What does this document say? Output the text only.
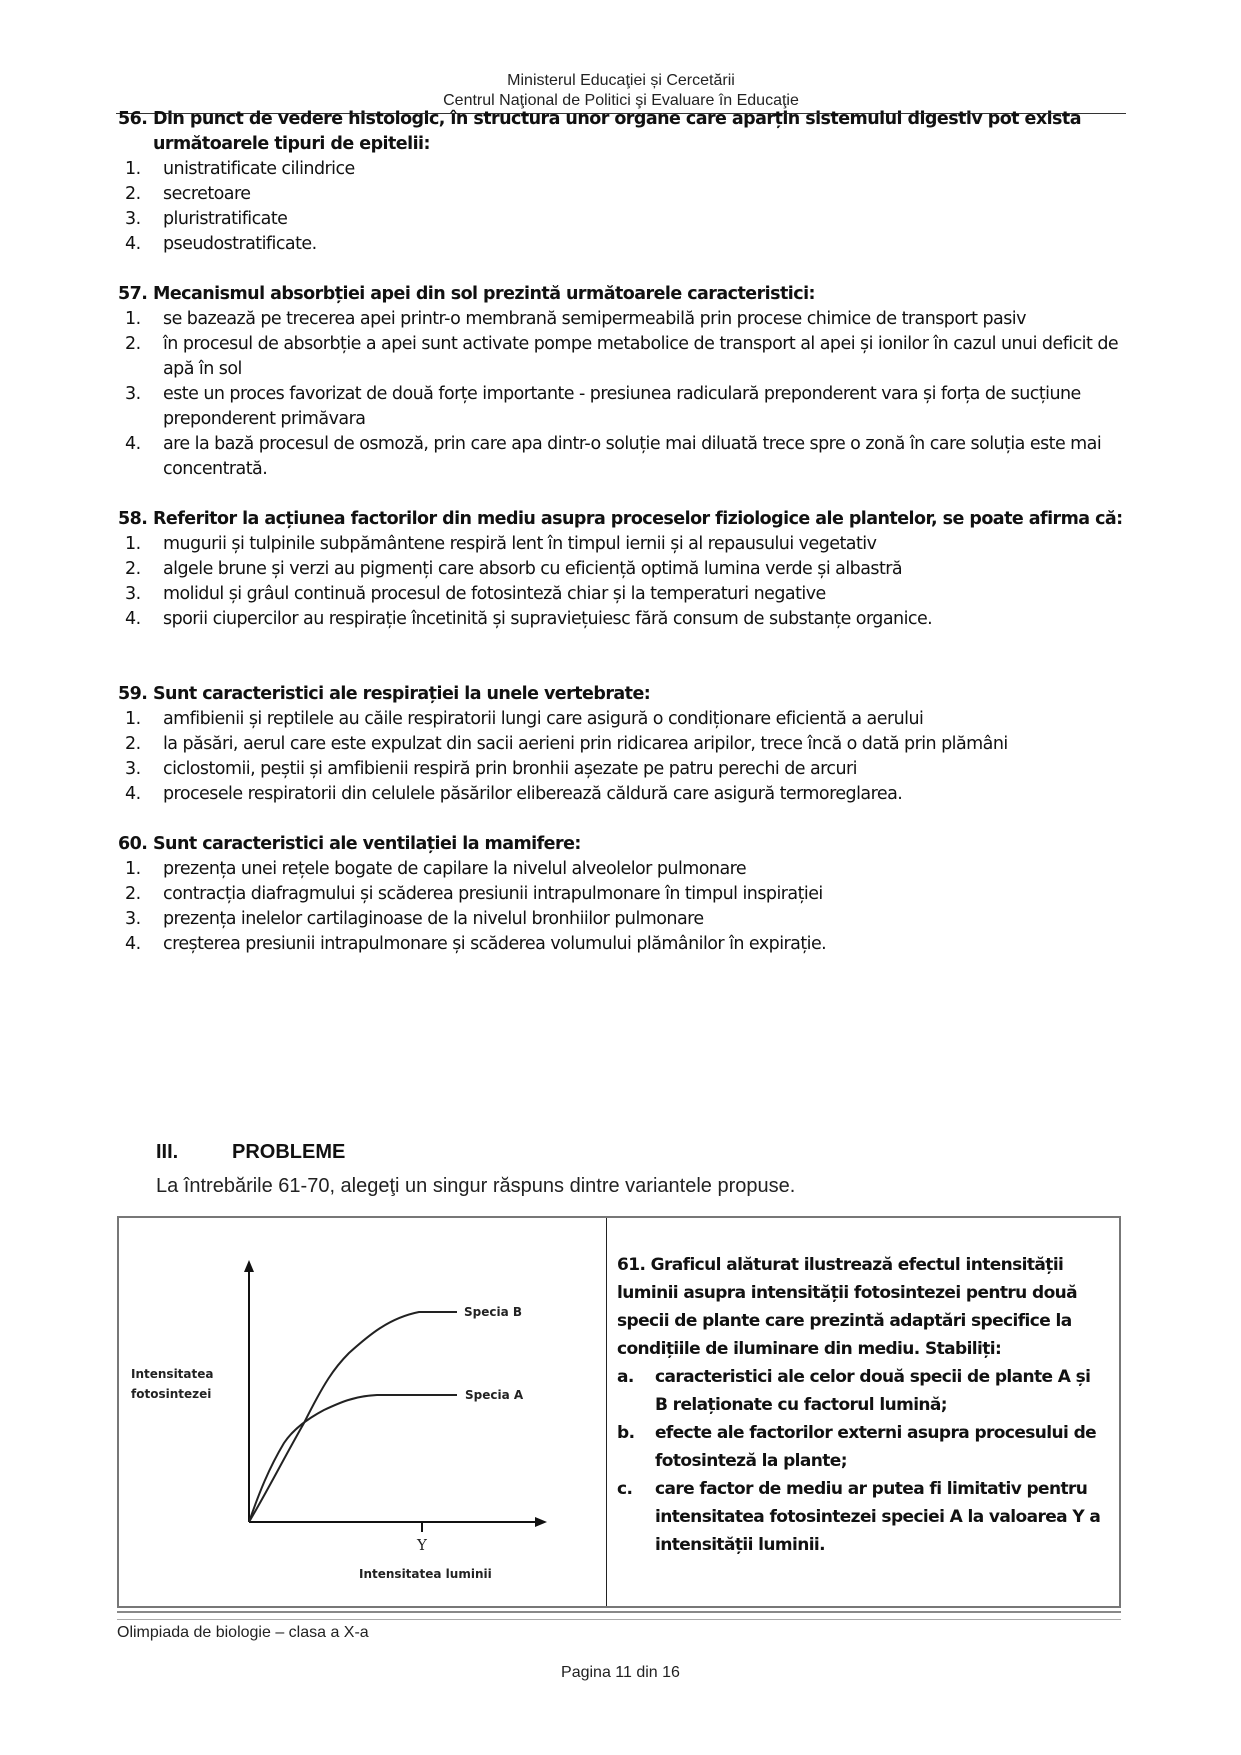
Ministerul Educaţiei și Cercetării
Centrul Naţional de Politici şi Evaluare în Educaţie
56. Din punct de vedere histologic, în structura unor organe care aparțin sistemului digestiv pot exista următoarele tipuri de epitelii:
1. unistratificate cilindrice
2. secretoare
3. pluristratificate
4. pseudostratificate.
57. Mecanismul absorbției apei din sol prezintă următoarele caracteristici:
1. se bazează pe trecerea apei printr-o membrană semipermeabilă prin procese chimice de transport pasiv
2. în procesul de absorbție a apei sunt activate pompe metabolice de transport al apei și ionilor în cazul unui deficit de apă în sol
3. este un proces favorizat de două forțe importante - presiunea radiculară preponderent vara și forța de sucțiune preponderent primăvara
4. are la bază procesul de osmoză, prin care apa dintr-o soluție mai diluată trece spre o zonă în care soluția este mai concentrată.
58. Referitor la acțiunea factorilor din mediu asupra proceselor fiziologice ale plantelor, se poate afirma că:
1. mugurii și tulpinile subpământene respiră lent în timpul iernii și al repausului vegetativ
2. algele brune și verzi au pigmenți care absorb cu eficiență optimă lumina verde și albastră
3. molidul și grâul continuă procesul de fotosinteză chiar și la temperaturi negative
4. sporii ciupercilor au respirație încetinită și supraviețuiesc fără consum de substanțe organice.
59. Sunt caracteristici ale respirației la unele vertebrate:
1. amfibienii și reptilele au căile respiratorii lungi care asigură o condiționare eficientă a aerului
2. la păsări, aerul care este expulzat din sacii aerieni prin ridicarea aripilor, trece încă o dată prin plămâni
3. ciclostomii, peștii și amfibienii respiră prin bronhii așezate pe patru perechi de arcuri
4. procesele respiratorii din celulele păsărilor eliberează căldură care asigură termoreglarea.
60. Sunt caracteristici ale ventilației la mamifere:
1. prezența unei rețele bogate de capilare la nivelul alveolelor pulmonare
2. contracția diafragmului și scăderea presiunii intrapulmonare în timpul inspirației
3. prezența inelelor cartilaginoase de la nivelul bronhiilor pulmonare
4. creșterea presiunii intrapulmonare și scăderea volumului plămânilor în expirație.
III.	PROBLEME
La întrebările 61-70, alegeţi un singur răspuns dintre variantele propuse.
Y
Specia B
Specia A
Intensitatea
fotosintezei
Intensitatea luminii
61. Graficul alăturat ilustrează efectul intensității luminii asupra intensității fotosintezei pentru două specii de plante care prezintă adaptări specifice la condițiile de iluminare din mediu. Stabiliți:
a. caracteristici ale celor două specii de plante A și B relaționate cu factorul lumină;
b. efecte ale factorilor externi asupra procesului de fotosinteză la plante;
c. care factor de mediu ar putea fi limitativ pentru intensitatea fotosintezei speciei A la valoarea Y a intensității luminii.
Olimpiada de biologie – clasa a X-a
Pagina 11 din 16
